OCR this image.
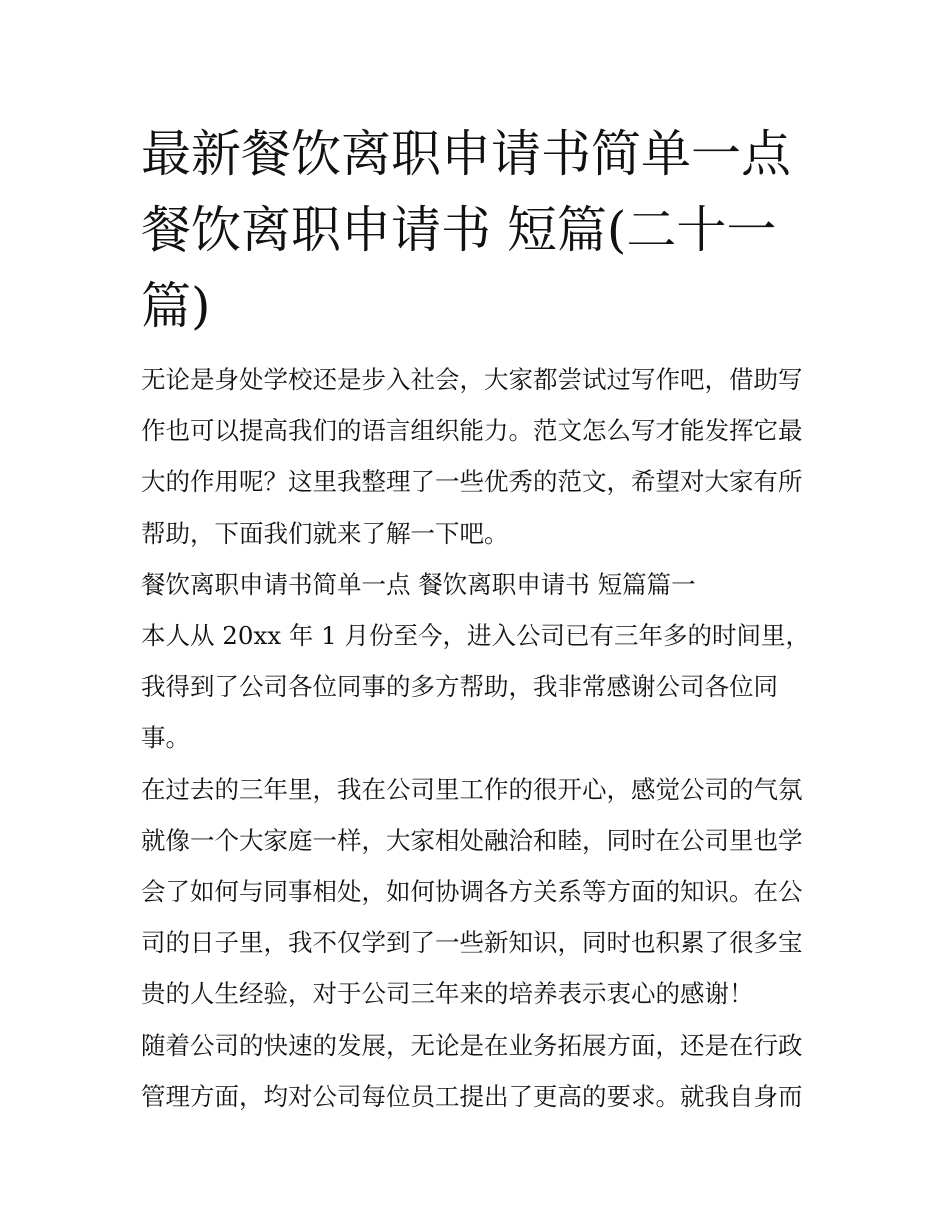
最新餐饮离职申请书简单一点
餐饮离职申请书 短篇(二十一
篇)

无论是身处学校还是步入社会，大家都尝试过写作吧，借助写
作也可以提高我们的语言组织能力。范文怎么写才能发挥它最
大的作用呢？这里我整理了一些优秀的范文，希望对大家有所
帮助，下面我们就来了解一下吧。

餐饮离职申请书简单一点 餐饮离职申请书 短篇篇一

本人从 20xx 年 1 月份至今，进入公司已有三年多的时间里，
我得到了公司各位同事的多方帮助，我非常感谢公司各位同
事。

在过去的三年里，我在公司里工作的很开心，感觉公司的气氛
就像一个大家庭一样，大家相处融洽和睦，同时在公司里也学
会了如何与同事相处，如何协调各方关系等方面的知识。在公
司的日子里，我不仅学到了一些新知识，同时也积累了很多宝
贵的人生经验，对于公司三年来的培养表示衷心的感谢！

随着公司的快速的发展，无论是在业务拓展方面，还是在行政
管理方面，均对公司每位员工提出了更高的要求。就我自身而
